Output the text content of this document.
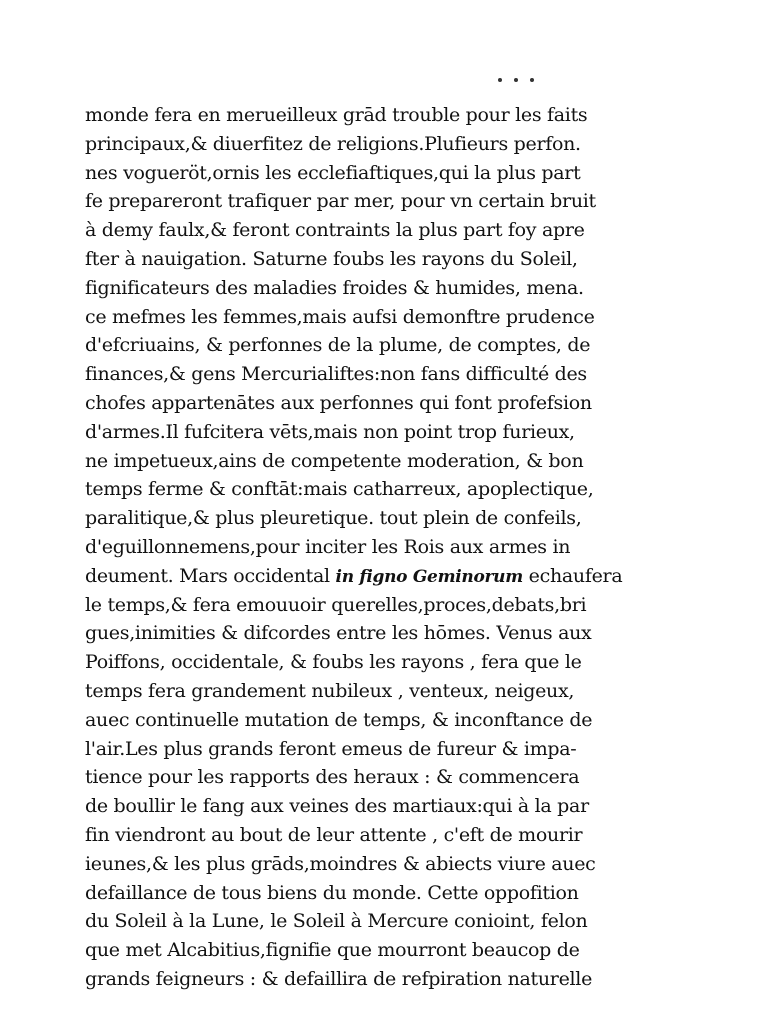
monde fera en merueilleux grād trouble pour les faits
principaux,& diuerfitez de religions.Plufieurs perfon.
nes vogueröt,ornis les ecclefiaftiques,qui la plus part
fe prepareront trafiquer par mer, pour vn certain bruit
à demy faulx,& feront contraints la plus part foy apre
fter à nauigation. Saturne foubs les rayons du Soleil,
fignificateurs des maladies froides & humides, mena.
ce mefmes les femmes,mais aufsi demonftre prudence
d'efcriuains, & perfonnes de la plume, de comptes, de
finances,& gens Mercurialiftes:non fans difficulté des
chofes appartenātes aux perfonnes qui font profefsion
d'armes.Il fufcitera vēts,mais non point trop furieux,
ne impetueux,ains de competente moderation, & bon
temps ferme & conftāt:mais catharreux, apoplectique,
paralitique,& plus pleuretique. tout plein de confeils,
d'eguillonnemens,pour inciter les Rois aux armes in
deument. Mars occidental in figno Geminorum echaufera
le temps,& fera emouuoir querelles,proces,debats,bri
gues,inimities & difcordes entre les hōmes. Venus aux
Poiffons, occidentale, & foubs les rayons , fera que le
temps fera grandement nubileux , venteux, neigeux,
auec continuelle mutation de temps, & inconftance de
l'air.Les plus grands feront emeus de fureur & impa-
tience pour les rapports des heraux : & commencera
de boullir le fang aux veines des martiaux:qui à la par
fin viendront au bout de leur attente , c'eft de mourir
ieunes,& les plus grāds,moindres & abiects viure auec
defaillance de tous biens du monde. Cette oppofition
du Soleil à la Lune, le Soleil à Mercure conioint, felon
que met Alcabitius,fignifie que mourront beaucop de
grands feigneurs : & defaillira de refpiration naturelle
